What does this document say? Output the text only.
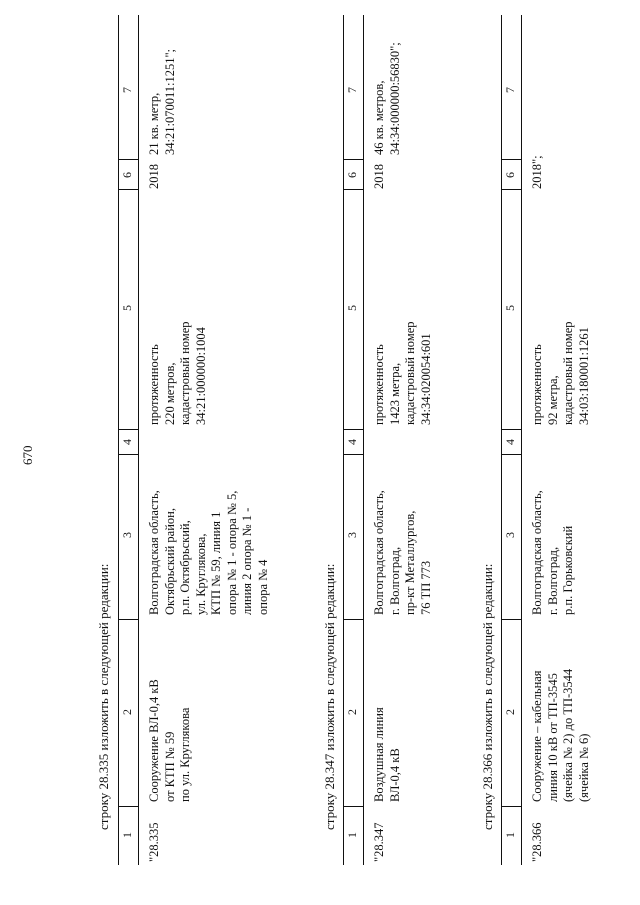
670
строку 28.335 изложить в следующей редакции:
1
2
3
4
5
6
7
"28.335
Сооружение ВЛ-0,4 кВ
от КТП № 59
по ул. Круглякова
Волгоградская область,
Октябрьский район,
р.п. Октябрьский,
ул. Круглякова,
КТП № 59, линия 1
опора № 1 - опора № 5,
линия 2 опора № 1 -
опора № 4
протяженность
220 метров,
кадастровый номер
34:21:000000:1004
2018
21 кв. метр,
34:21:070011:1251";
строку 28.347 изложить в следующей редакции:
1
2
3
4
5
6
7
"28.347
Воздушная линия
ВЛ-0,4 кВ
Волгоградская область,
г. Волгоград,
пр-кт Металлургов,
76 ТП 773
протяженность
1423 метра,
кадастровый номер
34:34:020054:601
2018
46 кв. метров,
34:34:000000:56830";
строку 28.366 изложить в следующей редакции:
1
2
3
4
5
6
7
"28.366
Сооружение – кабельная
линия 10 кВ от ТП-3545
(ячейка № 2) до ТП-3544
(ячейка № 6)
Волгоградская область,
г. Волгоград,
р.п. Горьковский
протяженность
92 метра,
кадастровый номер
34:03:180001:1261
2018";
